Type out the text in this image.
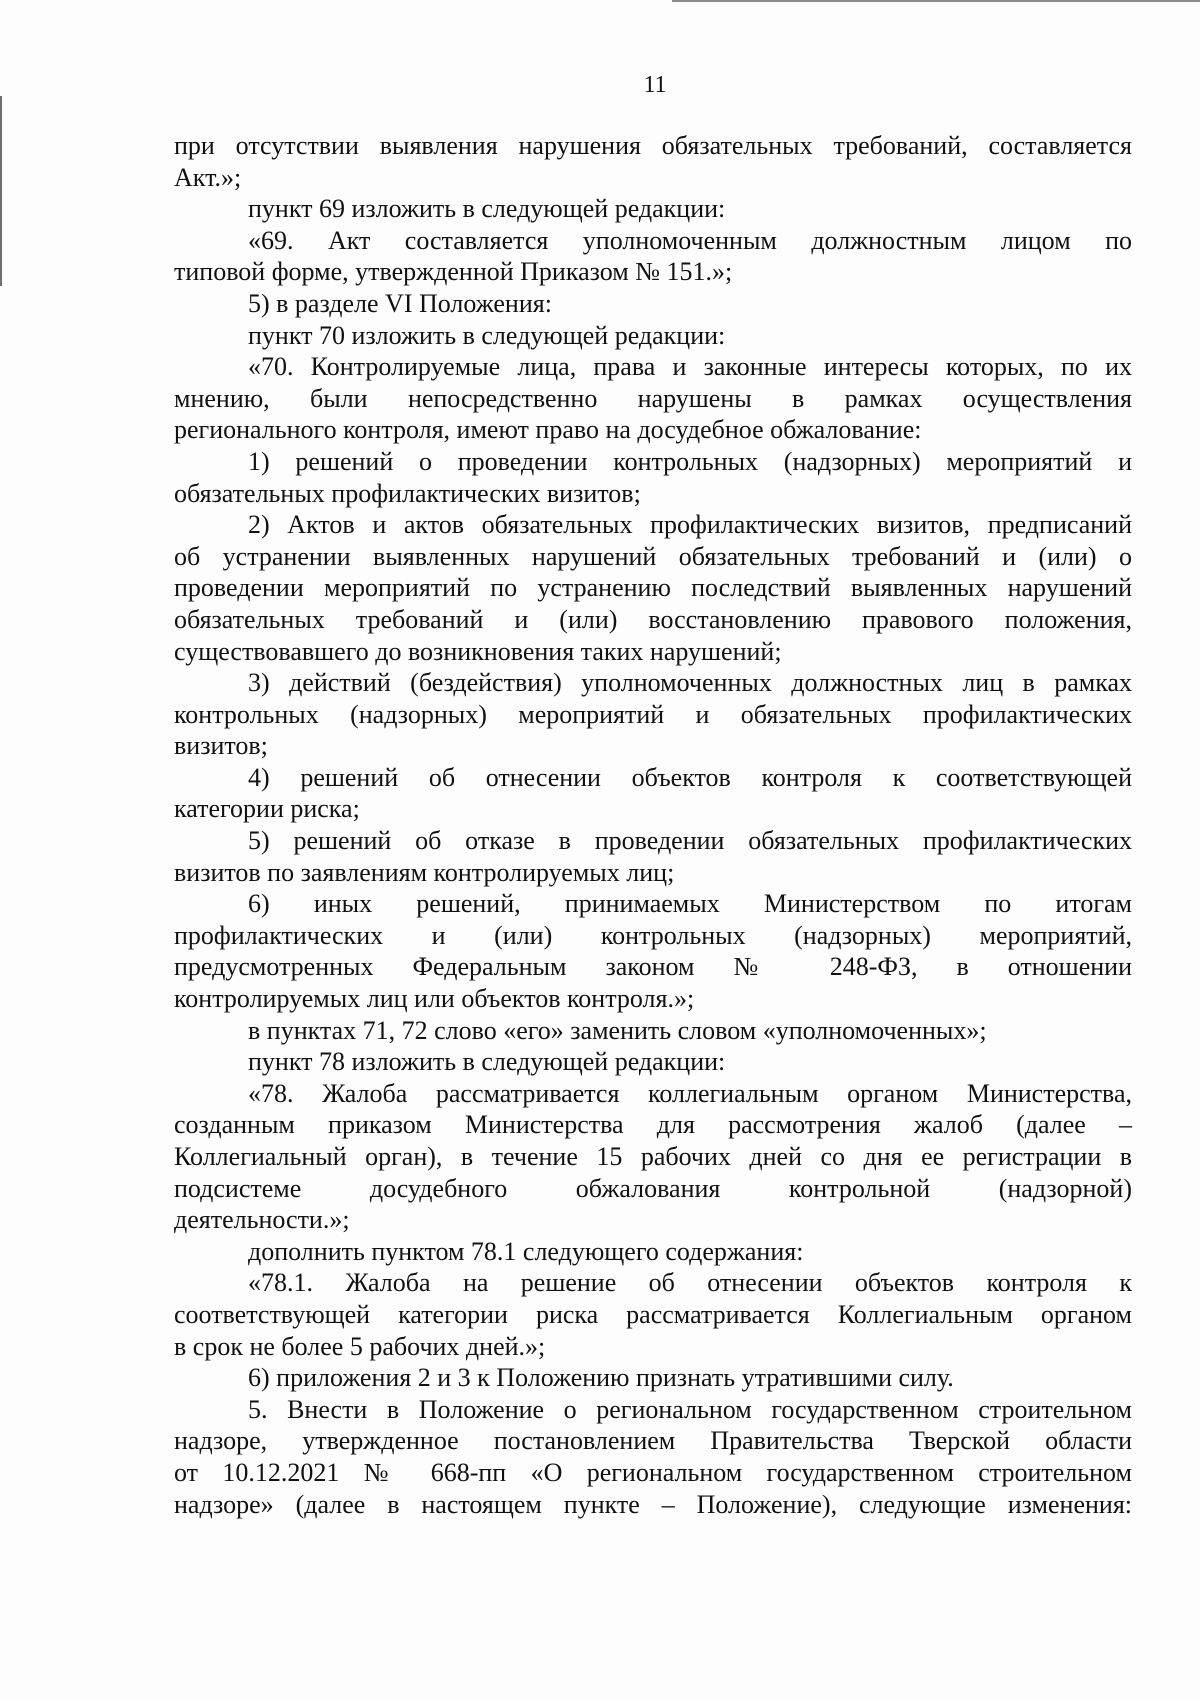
11
при отсутствии выявления нарушения обязательных требований, составляется
Акт.»;
пункт 69 изложить в следующей редакции:
«69. Акт составляется уполномоченным должностным лицом по
типовой форме, утвержденной Приказом № 151.»;
5) в разделе VI Положения:
пункт 70 изложить в следующей редакции:
«70. Контролируемые лица, права и законные интересы которых, по их
мнению, были непосредственно нарушены в рамках осуществления
регионального контроля, имеют право на досудебное обжалование:
1) решений о проведении контрольных (надзорных) мероприятий и
обязательных профилактических визитов;
2) Актов и актов обязательных профилактических визитов, предписаний
об устранении выявленных нарушений обязательных требований и (или) о
проведении мероприятий по устранению последствий выявленных нарушений
обязательных требований и (или) восстановлению правового положения,
существовавшего до возникновения таких нарушений;
3) действий (бездействия) уполномоченных должностных лиц в рамках
контрольных (надзорных) мероприятий и обязательных профилактических
визитов;
4) решений об отнесении объектов контроля к соответствующей
категории риска;
5) решений об отказе в проведении обязательных профилактических
визитов по заявлениям контролируемых лиц;
6) иных решений, принимаемых Министерством по итогам
профилактических и (или) контрольных (надзорных) мероприятий,
предусмотренных Федеральным законом № 248-ФЗ, в отношении
контролируемых лиц или объектов контроля.»;
в пунктах 71, 72 слово «его» заменить словом «уполномоченных»;
пункт 78 изложить в следующей редакции:
«78. Жалоба рассматривается коллегиальным органом Министерства,
созданным приказом Министерства для рассмотрения жалоб (далее –
Коллегиальный орган), в течение 15 рабочих дней со дня ее регистрации в
подсистеме досудебного обжалования контрольной (надзорной)
деятельности.»;
дополнить пунктом 78.1 следующего содержания:
«78.1. Жалоба на решение об отнесении объектов контроля к
соответствующей категории риска рассматривается Коллегиальным органом
в срок не более 5 рабочих дней.»;
6) приложения 2 и 3 к Положению признать утратившими силу.
5. Внести в Положение о региональном государственном строительном
надзоре, утвержденное постановлением Правительства Тверской области
от 10.12.2021 № 668-пп «О региональном государственном строительном
надзоре» (далее в настоящем пункте – Положение), следующие изменения:
